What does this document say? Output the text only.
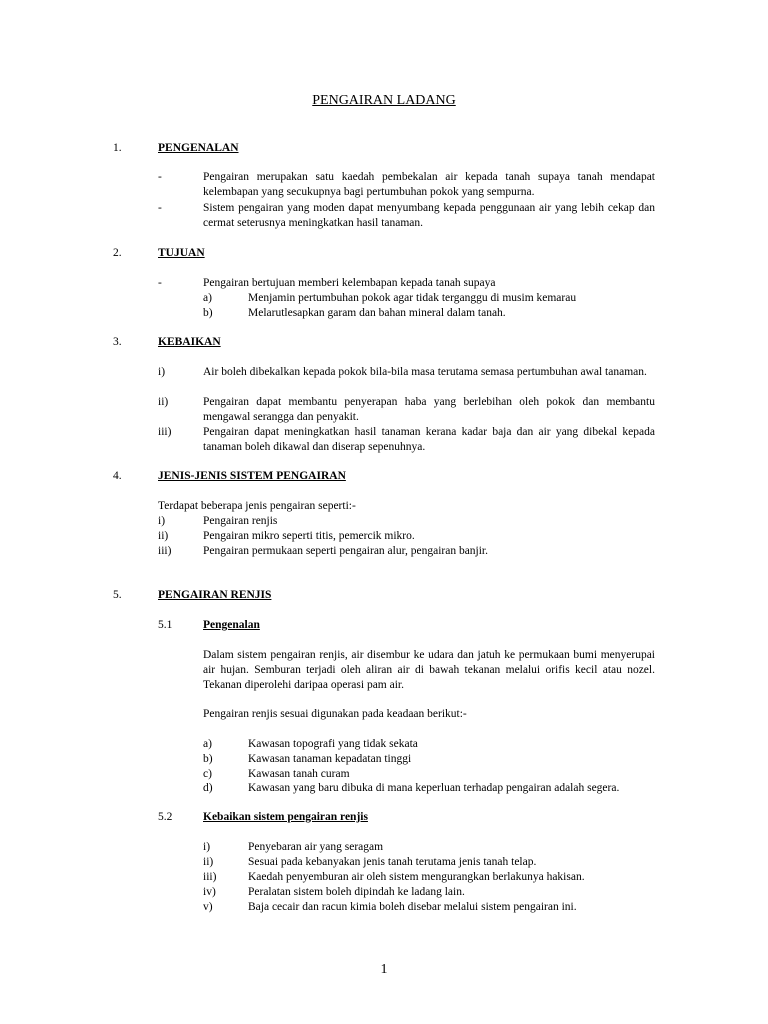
PENGAIRAN LADANG
1.	PENGENALAN
-	Pengairan merupakan satu kaedah pembekalan air kepada tanah supaya tanah mendapat kelembapan yang secukupnya bagi pertumbuhan pokok yang sempurna.
-	Sistem pengairan yang moden dapat menyumbang kepada penggunaan air yang lebih cekap dan cermat seterusnya meningkatkan hasil tanaman.
2.	TUJUAN
-	Pengairan bertujuan memberi kelembapan kepada tanah supaya
a)	Menjamin pertumbuhan pokok agar tidak terganggu di musim kemarau
b)	Melarutlesapkan garam dan bahan mineral dalam tanah.
3.	KEBAIKAN
i)	Air boleh dibekalkan kepada pokok bila-bila masa terutama semasa pertumbuhan awal tanaman.
ii)	Pengairan dapat membantu penyerapan haba yang berlebihan oleh pokok dan membantu mengawal serangga dan penyakit.
iii)	Pengairan dapat meningkatkan hasil tanaman kerana kadar baja dan air yang dibekal kepada tanaman boleh dikawal dan diserap sepenuhnya.
4.	JENIS-JENIS SISTEM PENGAIRAN
Terdapat beberapa jenis pengairan seperti:-
i)	Pengairan renjis
ii)	Pengairan mikro seperti titis, pemercik mikro.
iii)	Pengairan permukaan seperti pengairan alur, pengairan banjir.
5.	PENGAIRAN RENJIS
5.1	Pengenalan
Dalam sistem pengairan renjis, air disembur ke udara dan jatuh ke permukaan bumi menyerupai air hujan. Semburan terjadi oleh aliran air di bawah tekanan melalui orifis kecil atau nozel. Tekanan diperolehi daripaa operasi pam air.
Pengairan renjis sesuai digunakan pada keadaan berikut:-
a)	Kawasan topografi yang tidak sekata
b)	Kawasan tanaman kepadatan tinggi
c)	Kawasan tanah curam
d)	Kawasan yang baru dibuka di mana keperluan terhadap pengairan adalah segera.
5.2	Kebaikan sistem pengairan renjis
i)	Penyebaran air yang seragam
ii)	Sesuai pada kebanyakan jenis tanah terutama jenis tanah telap.
iii)	Kaedah penyemburan air oleh sistem mengurangkan berlakunya hakisan.
iv)	Peralatan sistem boleh dipindah ke ladang lain.
v)	Baja cecair dan racun kimia boleh disebar melalui sistem pengairan ini.
1
